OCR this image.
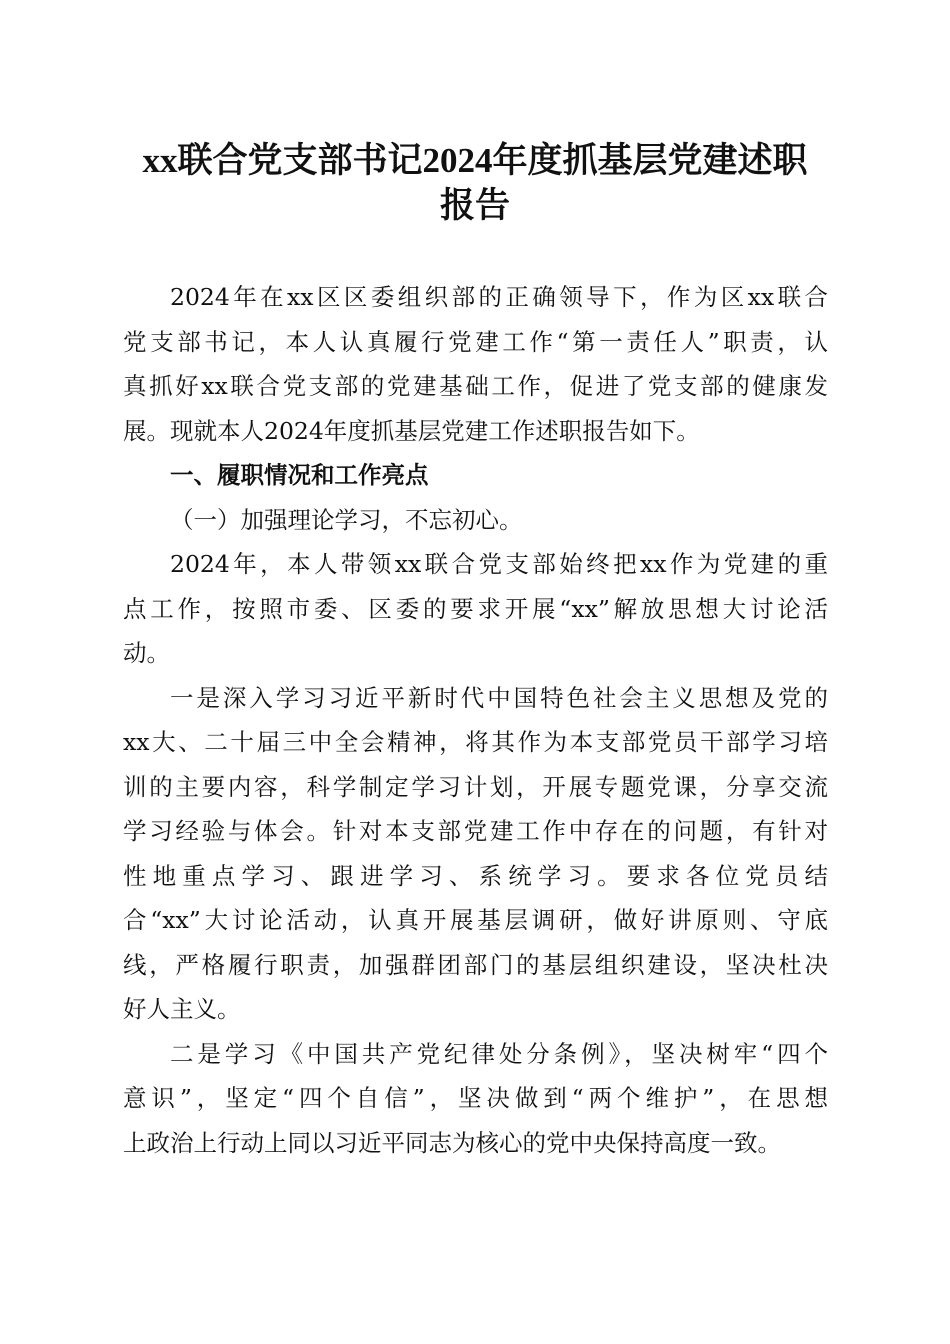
xx联合党支部书记2024年度抓基层党建述职
报告
2024年在xx区区委组织部的正确领导下，作为区xx联合
党支部书记，本人认真履行党建工作“第一责任人”职责，认
真抓好xx联合党支部的党建基础工作，促进了党支部的健康发
展。现就本人2024年度抓基层党建工作述职报告如下。
一、履职情况和工作亮点
（一）加强理论学习，不忘初心。
2024年，本人带领xx联合党支部始终把xx作为党建的重
点工作，按照市委、区委的要求开展“xx”解放思想大讨论活
动。
一是深入学习习近平新时代中国特色社会主义思想及党的
xx大、二十届三中全会精神，将其作为本支部党员干部学习培
训的主要内容，科学制定学习计划，开展专题党课，分享交流
学习经验与体会。针对本支部党建工作中存在的问题，有针对
性地重点学习、跟进学习、系统学习。要求各位党员结
合“xx”大讨论活动，认真开展基层调研，做好讲原则、守底
线，严格履行职责，加强群团部门的基层组织建设，坚决杜决
好人主义。
二是学习《中国共产党纪律处分条例》，坚决树牢“四个
意识”，坚定“四个自信”，坚决做到“两个维护”，在思想
上政治上行动上同以习近平同志为核心的党中央保持高度一致。
